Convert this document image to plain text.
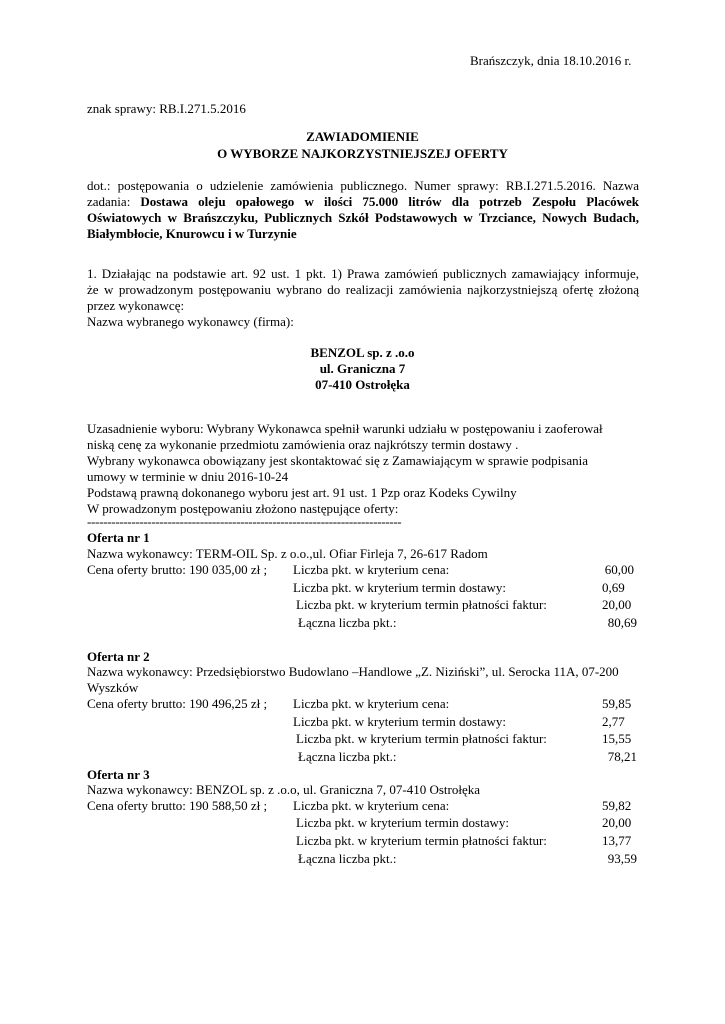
Brańszczyk, dnia 18.10.2016 r.
znak sprawy: RB.I.271.5.2016
ZAWIADOMIENIE
O WYBORZE NAJKORZYSTNIEJSZEJ OFERTY
dot.: postępowania o udzielenie zamówienia publicznego. Numer sprawy: RB.I.271.5.2016. Nazwa
zadania: Dostawa oleju opałowego w ilości 75.000 litrów dla potrzeb Zespołu Placówek
Oświatowych w Brańszczyku, Publicznych Szkół Podstawowych w Trzciance, Nowych Budach,
Białymbłocie, Knurowcu i w Turzynie
1. Działając na podstawie art. 92 ust. 1 pkt. 1) Prawa zamówień publicznych zamawiający informuje,
że w prowadzonym postępowaniu wybrano do realizacji zamówienia najkorzystniejszą ofertę złożoną
przez wykonawcę:
Nazwa wybranego wykonawcy (firma):
BENZOL sp. z .o.o
ul. Graniczna 7
07-410 Ostrołęka
Uzasadnienie wyboru: Wybrany Wykonawca spełnił warunki udziału w postępowaniu i zaoferował
niską cenę za wykonanie przedmiotu zamówienia oraz najkrótszy termin dostawy .
Wybrany wykonawca obowiązany jest skontaktować się z Zamawiającym w sprawie podpisania
umowy w terminie w dniu 2016-10-24
Podstawą prawną dokonanego wyboru jest art. 91 ust. 1 Pzp oraz Kodeks Cywilny
W prowadzonym postępowaniu złożono następujące oferty:
------------------------------------------------------------------------------
Oferta nr 1
Nazwa wykonawcy: TERM-OIL Sp. z o.o.,ul. Ofiar Firleja 7, 26-617 Radom
Cena oferty brutto: 190 035,00 zł ; Liczba pkt. w kryterium cena:	60,00
Liczba pkt. w kryterium termin dostawy:	0,69
Liczba pkt. w kryterium termin płatności faktur:	20,00
Łączna liczba pkt.:	80,69
Oferta nr 2
Nazwa wykonawcy: Przedsiębiorstwo Budowlano –Handlowe „Z. Niziński”, ul. Serocka 11A, 07-200
Wyszków
Cena oferty brutto: 190 496,25 zł ; Liczba pkt. w kryterium cena:	59,85
Liczba pkt. w kryterium termin dostawy:	2,77
Liczba pkt. w kryterium termin płatności faktur:	15,55
Łączna liczba pkt.:	78,21
Oferta nr 3
Nazwa wykonawcy: BENZOL sp. z .o.o, ul. Graniczna 7, 07-410 Ostrołęka
Cena oferty brutto: 190 588,50 zł ; Liczba pkt. w kryterium cena:	59,82
Liczba pkt. w kryterium termin dostawy:	20,00
Liczba pkt. w kryterium termin płatności faktur:	13,77
Łączna liczba pkt.:	93,59
